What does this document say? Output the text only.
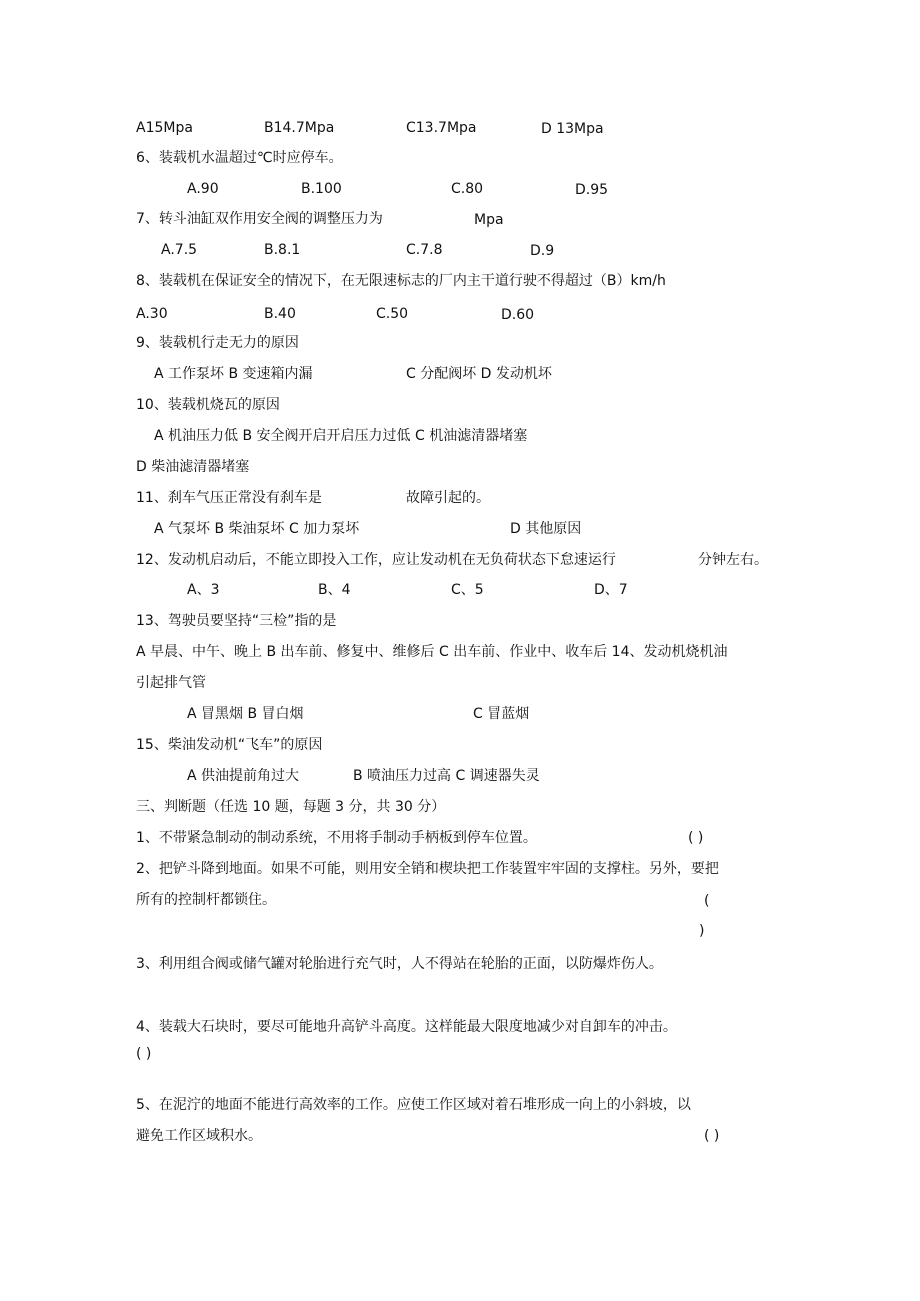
A15Mpa	B14.7Mpa	C13.7Mpa	D 13Mpa
6、装载机水温超过℃时应停车。
A.90	B.100	C.80	D.95
7、转斗油缸双作用安全阀的调整压力为	Mpa
A.7.5	B.8.1	C.7.8	D.9
8、装载机在保证安全的情况下，在无限速标志的厂内主干道行驶不得超过（B）km/h
A.30	B.40	C.50	D.60
9、装载机行走无力的原因
A 工作泵坏 B 变速箱内漏	C 分配阀坏 D 发动机坏
10、装载机烧瓦的原因
A 机油压力低 B 安全阀开启开启压力过低 C 机油滤清器堵塞
D 柴油滤清器堵塞
11、刹车气压正常没有刹车是	故障引起的。
A 气泵坏 B 柴油泵坏 C 加力泵坏	D 其他原因
12、发动机启动后，不能立即投入工作，应让发动机在无负荷状态下怠速运行	分钟左右。
A、3	B、4	C、5	D、7
13、驾驶员要坚持“三检”指的是
A 早晨、中午、晚上 B 出车前、修复中、维修后 C 出车前、作业中、收车后 14、发动机烧机油
引起排气管
A 冒黑烟 B 冒白烟	C 冒蓝烟
15、柴油发动机“飞车”的原因
A 供油提前角过大	B 喷油压力过高 C 调速器失灵
三、判断题（任选 10 题，每题 3 分，共 30 分）
1、不带紧急制动的制动系统，不用将手制动手柄板到停车位置。	( )
2、把铲斗降到地面。如果不可能，则用安全销和楔块把工作装置牢牢固的支撑柱。另外，要把
所有的控制杆都锁住。	(
)
3、利用组合阀或储气罐对轮胎进行充气时，人不得站在轮胎的正面，以防爆炸伤人。
4、装载大石块时，要尽可能地升高铲斗高度。这样能最大限度地减少对自卸车的冲击。
( )
5、在泥泞的地面不能进行高效率的工作。应使工作区域对着石堆形成一向上的小斜坡，以
避免工作区域积水。	( )
